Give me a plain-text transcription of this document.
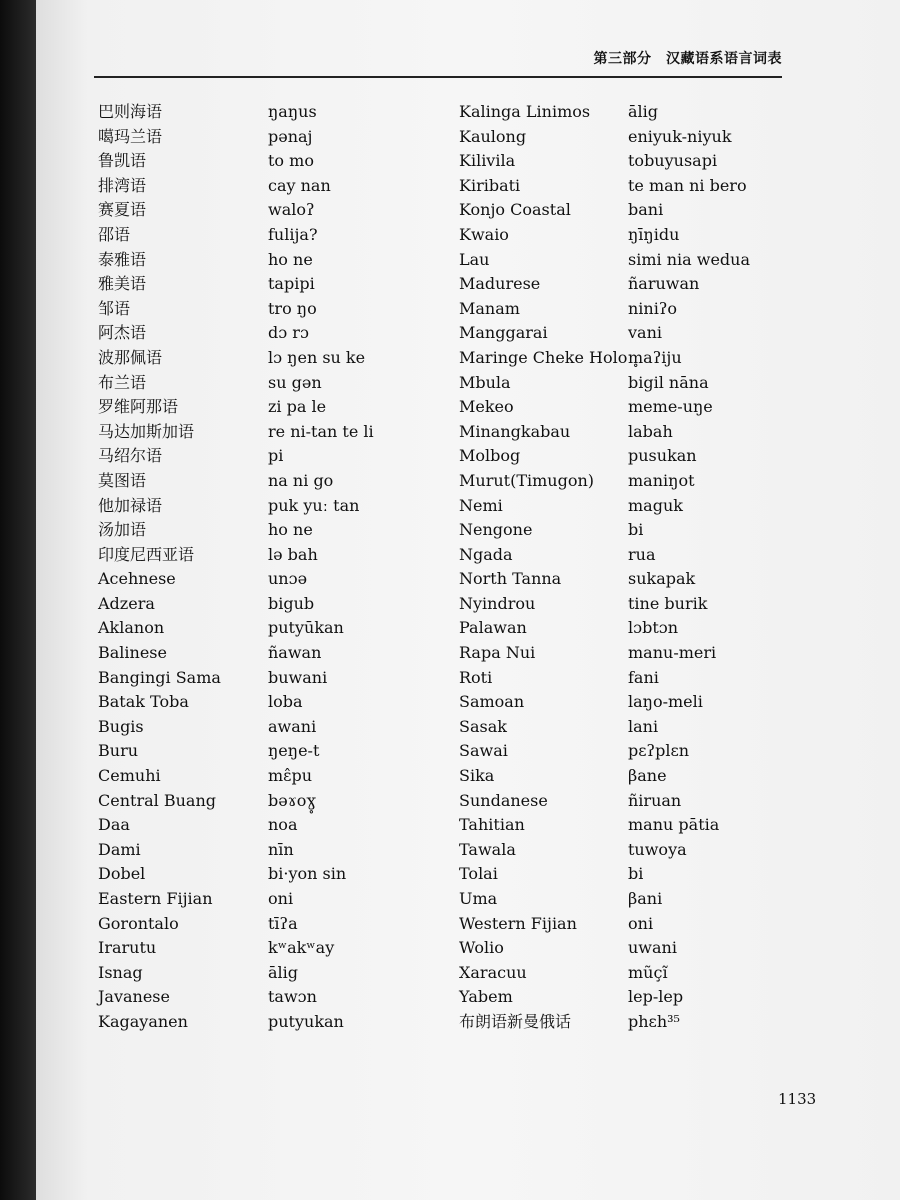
第三部分　汉藏语系语言词表
巴则海语
噶玛兰语
鲁凯语
排湾语
赛夏语
邵语
泰雅语
雅美语
邹语
阿杰语
波那佩语
布兰语
罗维阿那语
马达加斯加语
马绍尔语
莫图语
他加禄语
汤加语
印度尼西亚语
Acehnese
Adzera
Aklanon
Balinese
Bangingi Sama
Batak Toba
Bugis
Buru
Cemuhi
Central Buang
Daa
Dami
Dobel
Eastern Fijian
Gorontalo
Irarutu
Isnag
Javanese
Kagayanen
ŋaŋus
pənaj
to mo
cay nan
waloʔ
fulija?
ho ne
tapipi
tro ŋo
dɔ rɔ
lɔ ŋen su ke
su gən
zi pa le
re ni-tan te li
pi
na ni go
puk yuː tan
ho ne
lə bah
unɔə
bigub
putyūkan
ñawan
buwani
loba
awani
ŋeŋe-t
mɛ̂pu
bəɤoɣ̥
noa
nīn
bi·yon sin
oni
tīʔa
kʷakʷay
ālig
tawɔn
putyukan
Kalinga Linimos
Kaulong
Kilivila
Kiribati
Konjo Coastal
Kwaio
Lau
Madurese
Manam
Manggarai
Maringe Cheke Holo
Mbula
Mekeo
Minangkabau
Molbog
Murut(Timugon)
Nemi
Nengone
Ngada
North Tanna
Nyindrou
Palawan
Rapa Nui
Roti
Samoan
Sasak
Sawai
Sika
Sundanese
Tahitian
Tawala
Tolai
Uma
Western Fijian
Wolio
Xaracuu
Yabem
布朗语新曼俄话
ālig
eniyuk-niyuk
tobuyusapi
te man ni bero
bani
ŋīŋidu
simi nia wedua
ñaruwan
niniʔo
vani
m̥aʔiju
bigil nāna
meme-uŋe
labah
pusukan
maniŋot
maguk
bi
rua
sukapak
tine burik
lɔbtɔn
manu-meri
fani
laŋo-meli
lani
pɛʔplɛn
βane
ñiruan
manu pātia
tuwoya
bi
βani
oni
uwani
mũçĩ
lep-lep
phɛh³⁵
1133
